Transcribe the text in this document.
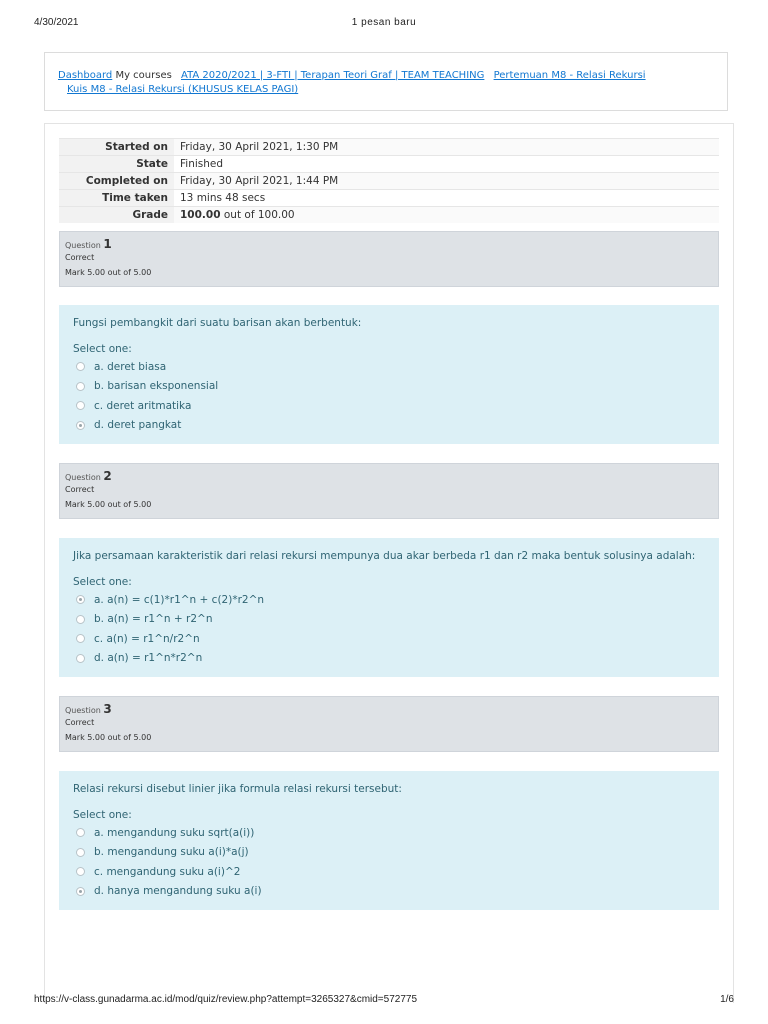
4/30/2021	1 pesan baru
Dashboard My courses ATA 2020/2021 | 3-FTI | Terapan Teori Graf | TEAM TEACHING Pertemuan M8 - Relasi Rekursi
Kuis M8 - Relasi Rekursi (KHUSUS KELAS PAGI)
Started on	Friday, 30 April 2021, 1:30 PM
State	Finished
Completed on	Friday, 30 April 2021, 1:44 PM
Time taken	13 mins 48 secs
Grade	100.00 out of 100.00
Question 1
Correct
Mark 5.00 out of 5.00
Fungsi pembangkit dari suatu barisan akan berbentuk:
Select one:
a. deret biasa
b. barisan eksponensial
c. deret aritmatika
d. deret pangkat
Question 2
Correct
Mark 5.00 out of 5.00
Jika persamaan karakteristik dari relasi rekursi mempunya dua akar berbeda r1 dan r2 maka bentuk solusinya adalah:
Select one:
a. a(n) = c(1)*r1^n + c(2)*r2^n
b. a(n) = r1^n + r2^n
c. a(n) = r1^n/r2^n
d. a(n) = r1^n*r2^n
Question 3
Correct
Mark 5.00 out of 5.00
Relasi rekursi disebut linier jika formula relasi rekursi tersebut:
Select one:
a. mengandung suku sqrt(a(i))
b. mengandung suku a(i)*a(j)
c. mengandung suku a(i)^2
d. hanya mengandung suku a(i)
https://v-class.gunadarma.ac.id/mod/quiz/review.php?attempt=3265327&cmid=572775	1/6
